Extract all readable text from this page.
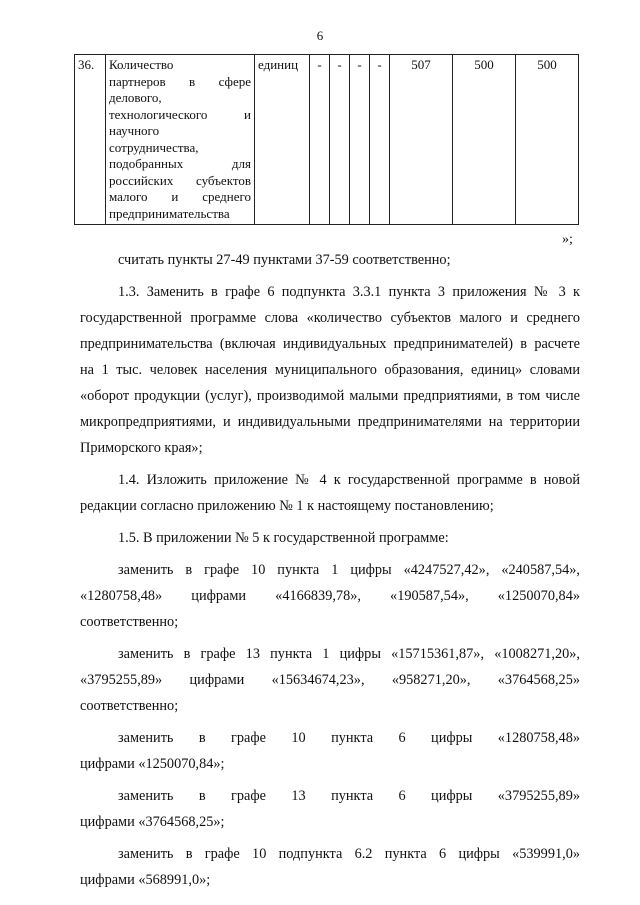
6
36.	Количество
партнеров в сфере
делового,
технологического и
научного
сотрудничества,
подобранных для
российских субъектов
малого и среднего
предпринимательства
	единиц	-	-	-	-	507	500	500
»;
считать пункты 27-49 пунктами 37-59 соответственно;
1.3. Заменить в графе 6 подпункта 3.3.1 пункта 3 приложения № 3 к
государственной программе слова «количество субъектов малого и среднего
предпринимательства (включая индивидуальных предпринимателей) в расчете
на 1 тыс. человек населения муниципального образования, единиц» словами
«оборот продукции (услуг), производимой малыми предприятиями, в том числе
микропредприятиями, и индивидуальными предпринимателями на территории
Приморского края»;
1.4. Изложить приложение № 4 к государственной программе в новой
редакции согласно приложению № 1 к настоящему постановлению;
1.5. В приложении № 5 к государственной программе:
заменить в графе 10 пункта 1 цифры «4247527,42», «240587,54»,
«1280758,48» цифрами «4166839,78», «190587,54», «1250070,84»
соответственно;
заменить в графе 13 пункта 1 цифры «15715361,87», «1008271,20»,
«3795255,89» цифрами «15634674,23», «958271,20», «3764568,25»
соответственно;
заменить в графе 10 пункта 6 цифры «1280758,48»
цифрами «1250070,84»;
заменить в графе 13 пункта 6 цифры «3795255,89»
цифрами «3764568,25»;
заменить в графе 10 подпункта 6.2 пункта 6 цифры «539991,0»
цифрами «568991,0»;
